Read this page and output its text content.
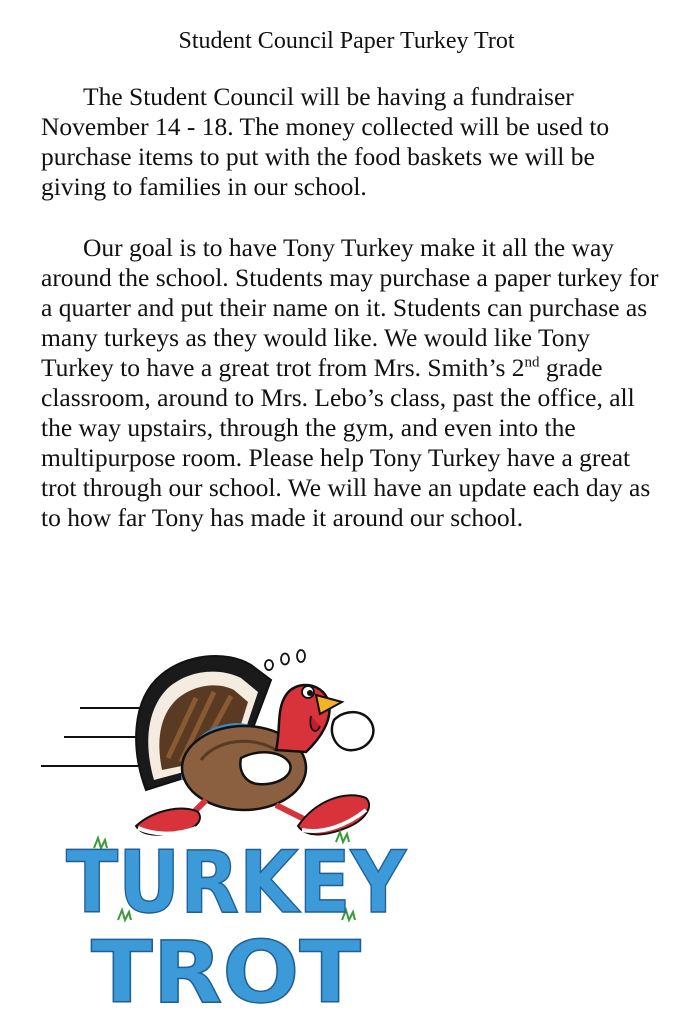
Student Council Paper Turkey Trot

The Student Council will be having a fundraiser November 14 - 18. The money collected will be used to purchase items to put with the food baskets we will be giving to families in our school.

Our goal is to have Tony Turkey make it all the way around the school. Students may purchase a paper turkey for a quarter and put their name on it. Students can purchase as many turkeys as they would like. We would like Tony Turkey to have a great trot from Mrs. Smith’s 2nd grade classroom, around to Mrs. Lebo’s class, past the office, all the way upstairs, through the gym, and even into the multipurpose room. Please help Tony Turkey have a great trot through our school. We will have an update each day as to how far Tony has made it around our school.

TURKEY
TROT
